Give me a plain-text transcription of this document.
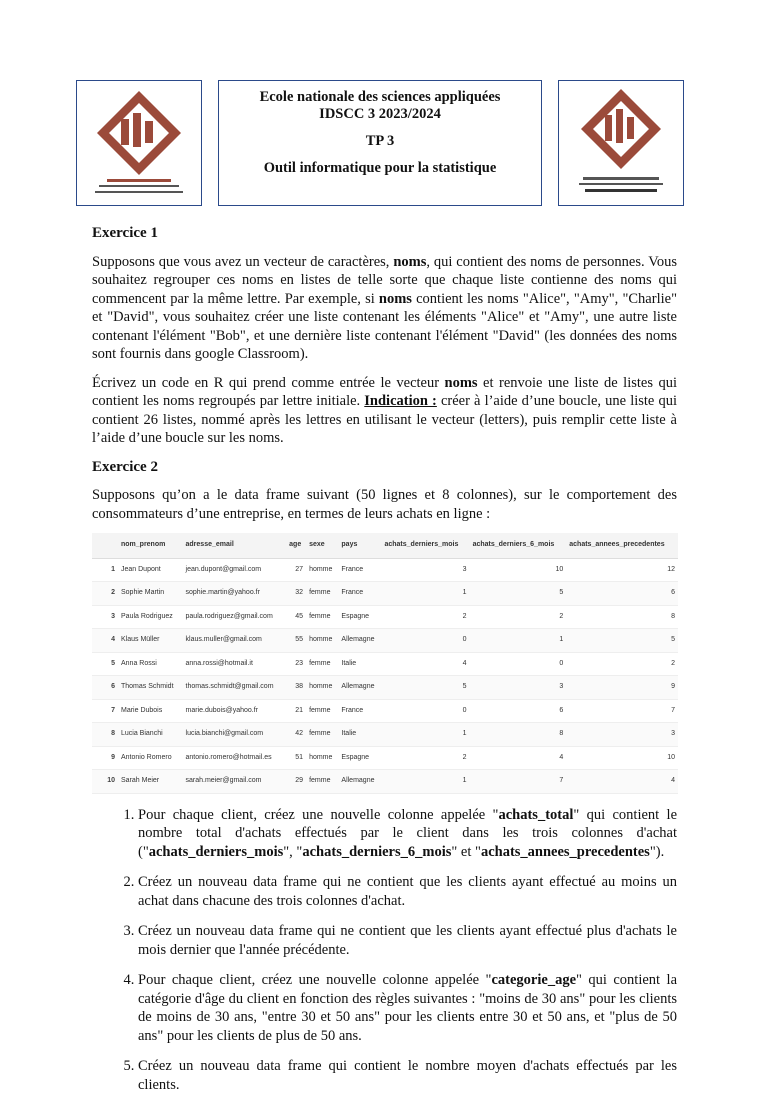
Ecole nationale des sciences appliquées
IDSCC 3 2023/2024
TP 3
Outil informatique pour la statistique
Exercice 1

Supposons que vous avez un vecteur de caractères, noms, qui contient des noms de personnes. Vous souhaitez regrouper ces noms en listes de telle sorte que chaque liste contienne des noms qui commencent par la même lettre. Par exemple, si noms contient les noms "Alice", "Amy", "Charlie" et "David", vous souhaitez créer une liste contenant les éléments "Alice" et "Amy", une autre liste contenant l'élément "Bob", et une dernière liste contenant l'élément "David" (les données des noms sont fournis dans google Classroom).

Écrivez un code en R qui prend comme entrée le vecteur noms et renvoie une liste de listes qui contient les noms regroupés par lettre initiale. Indication : créer à l’aide d’une boucle, une liste qui contient 26 listes, nommé après les lettres en utilisant le vecteur (letters), puis remplir cette liste à l’aide d’une boucle sur les noms.

Exercice 2

Supposons qu’on a le data frame suivant (50 lignes et 8 colonnes), sur le comportement des consommateurs d’une entreprise, en termes de leurs achats en ligne :

	nom_prenom	adresse_email	age	sexe	pays	achats_derniers_mois	achats_derniers_6_mois	achats_annees_precedentes
1	Jean Dupont	jean.dupont@gmail.com	27	homme	France	3	10	12
2	Sophie Martin	sophie.martin@yahoo.fr	32	femme	France	1	5	6
3	Paula Rodriguez	paula.rodriguez@gmail.com	45	femme	Espagne	2	2	8
4	Klaus Müller	klaus.muller@gmail.com	55	homme	Allemagne	0	1	5
5	Anna Rossi	anna.rossi@hotmail.it	23	femme	Italie	4	0	2
6	Thomas Schmidt	thomas.schmidt@gmail.com	38	homme	Allemagne	5	3	9
7	Marie Dubois	marie.dubois@yahoo.fr	21	femme	France	0	6	7
8	Lucia Bianchi	lucia.bianchi@gmail.com	42	femme	Italie	1	8	3
9	Antonio Romero	antonio.romero@hotmail.es	51	homme	Espagne	2	4	10
10	Sarah Meier	sarah.meier@gmail.com	29	femme	Allemagne	1	7	4
1. Pour chaque client, créez une nouvelle colonne appelée "achats_total" qui contient le nombre total d'achats effectués par le client dans les trois colonnes d'achat ("achats_derniers_mois", "achats_derniers_6_mois" et "achats_annees_precedentes").
2. Créez un nouveau data frame qui ne contient que les clients ayant effectué au moins un achat dans chacune des trois colonnes d'achat.
3. Créez un nouveau data frame qui ne contient que les clients ayant effectué plus d'achats le mois dernier que l'année précédente.
4. Pour chaque client, créez une nouvelle colonne appelée "categorie_age" qui contient la catégorie d'âge du client en fonction des règles suivantes : "moins de 30 ans" pour les clients de moins de 30 ans, "entre 30 et 50 ans" pour les clients entre 30 et 50 ans, et "plus de 50 ans" pour les clients de plus de 50 ans.
5. Créez un nouveau data frame qui contient le nombre moyen d'achats effectués par les clients.
